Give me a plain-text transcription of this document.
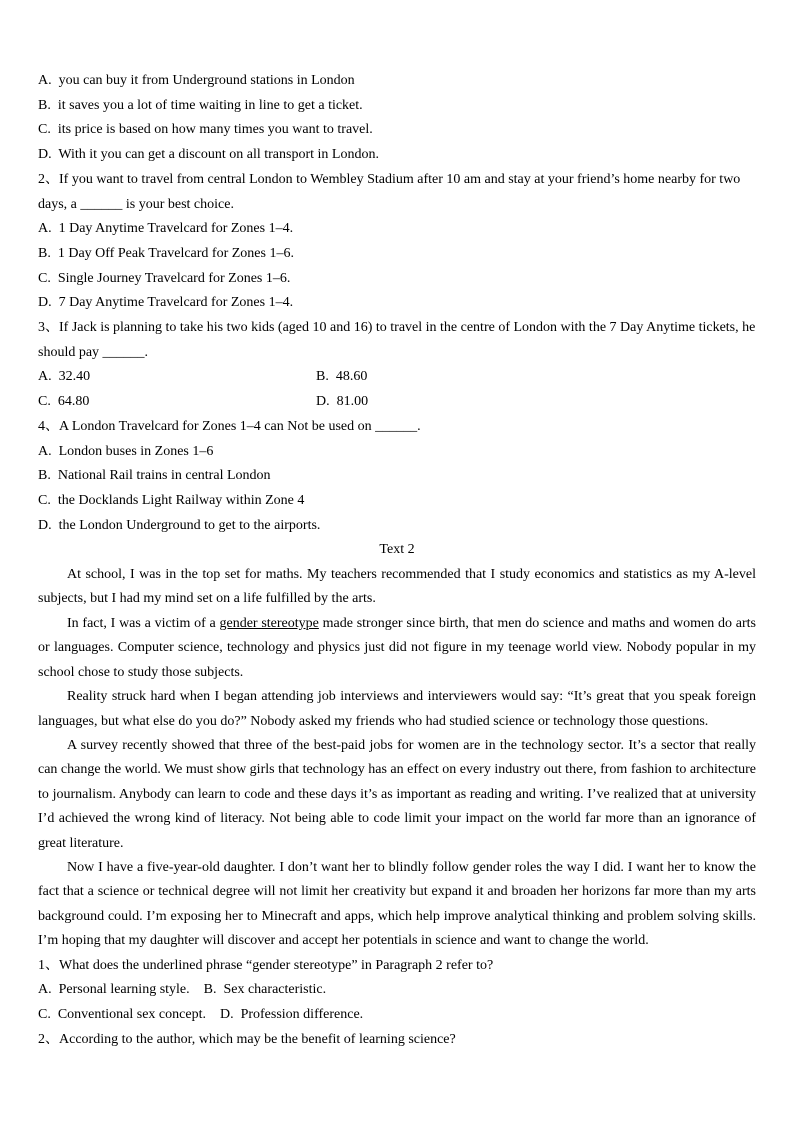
A.  you can buy it from Underground stations in London
B.  it saves you a lot of time waiting in line to get a ticket.
C.  its price is based on how many times you want to travel.
D.  With it you can get a discount on all transport in London.
2、If you want to travel from central London to Wembley Stadium after 10 am and stay at your friend’s home nearby for two days, a ______ is your best choice.
A.  1 Day Anytime Travelcard for Zones 1–4.
B.  1 Day Off Peak Travelcard for Zones 1–6.
C.  Single Journey Travelcard for Zones 1–6.
D.  7 Day Anytime Travelcard for Zones 1–4.
3、If Jack is planning to take his two kids (aged 10 and 16) to travel in the centre of London with the 7 Day Anytime tickets, he should pay ______.
A.  32.40	B.  48.60
C.  64.80	D.  81.00
4、A London Travelcard for Zones 1–4 can Not be used on ______.
A.  London buses in Zones 1–6
B.  National Rail trains in central London
C.  the Docklands Light Railway within Zone 4
D.  the London Underground to get to the airports.
Text 2

At school, I was in the top set for maths. My teachers recommended that I study economics and statistics as my A-level subjects, but I had my mind set on a life fulfilled by the arts.

In fact, I was a victim of a gender stereotype made stronger since birth, that men do science and maths and women do arts or languages. Computer science, technology and physics just did not figure in my teenage world view. Nobody popular in my school chose to study those subjects.

Reality struck hard when I began attending job interviews and interviewers would say: “It’s great that you speak foreign languages, but what else do you do?” Nobody asked my friends who had studied science or technology those questions.

A survey recently showed that three of the best-paid jobs for women are in the technology sector. It’s a sector that really can change the world. We must show girls that technology has an effect on every industry out there, from fashion to architecture to journalism. Anybody can learn to code and these days it’s as important as reading and writing. I’ve realized that at university I’d achieved the wrong kind of literacy. Not being able to code limit your impact on the world far more than an ignorance of great literature.

Now I have a five-year-old daughter. I don’t want her to blindly follow gender roles the way I did. I want her to know the fact that a science or technical degree will not limit her creativity but expand it and broaden her horizons far more than my arts background could. I’m exposing her to Minecraft and apps, which help improve analytical thinking and problem solving skills. I’m hoping that my daughter will discover and accept her potentials in science and want to change the world.

1、What does the underlined phrase “gender stereotype” in Paragraph 2 refer to?
A.  Personal learning style.    B.  Sex characteristic.
C.  Conventional sex concept.    D.  Profession difference.
2、According to the author, which may be the benefit of learning science?
